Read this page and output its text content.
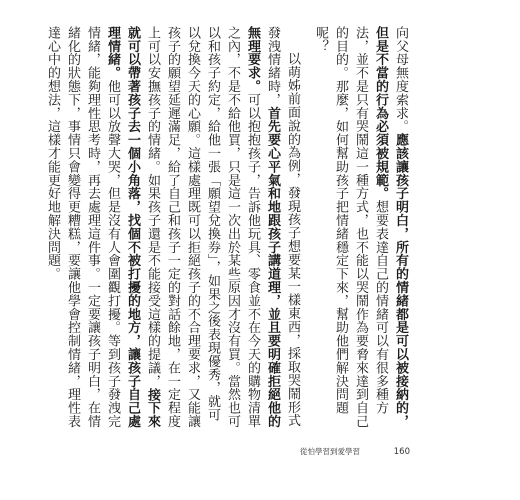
向父母無度索求。應該讓孩子明白，所有的情緒都是可以被接納的，但是不當的行為必須被規範。想要表達自己的情緒可以有很多種方法，並不是只有哭鬧這一種方式，也不能以哭鬧作為要脅來達到自己的目的。那麼，如何幫助孩子把情緒穩定下來，幫助他們解決問題呢？

以萌姊前面說的為例，發現孩子想要某一樣東西，採取哭鬧形式發洩情緒時，首先要心平氣和地跟孩子講道理，並且要明確拒絕他的無理要求。可以抱抱孩子，告訴他玩具、零食並不在今天的購物清單之內，不是不給他買，只是這一次出於某些原因才沒有買。當然也可以和孩子約定，給他一張「願望兌換券」，如果之後表現優秀，就可以兌換今天的心願。這樣處理既可以拒絕孩子的不合理要求，又能讓孩子的願望延遲滿足，給了自己和孩子一定的對話餘地，在一定程度上可以安撫孩子的情緒。如果孩子還是不能接受這樣的提議，接下來就可以帶著孩子去一個小角落，找個不被打擾的地方，讓孩子自己處理情緒。他可以放聲大哭，但是沒有人會圍觀打擾。等到孩子發洩完情緒，能夠理性思考時，再去處理這件事。一定要讓孩子明白，在情緒化的狀態下，事情只會變得更糟糕，要讓他學會控制情緒，理性表達心中的想法，這樣才能更好地解決問題。

從怕學習到愛學習	160
